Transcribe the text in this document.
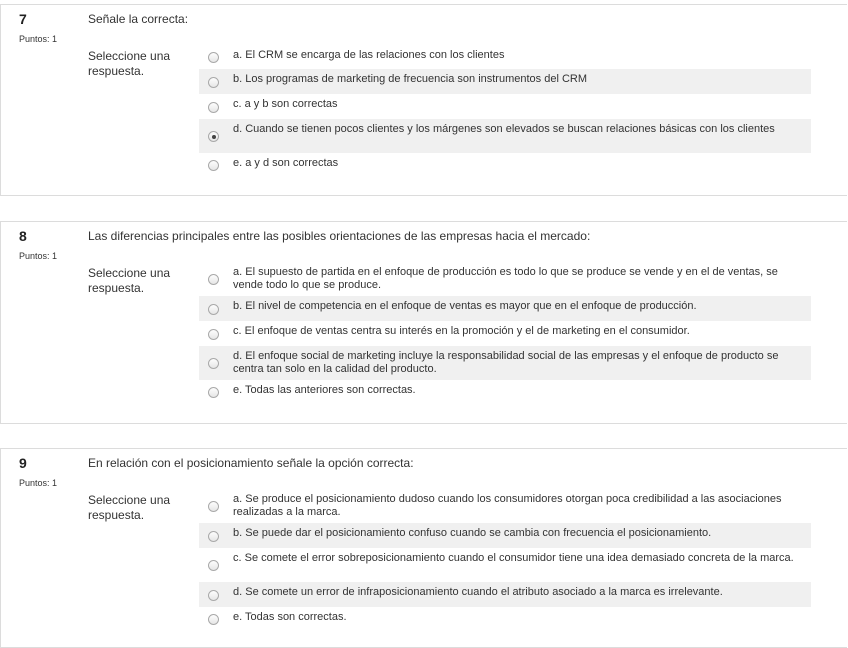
7
Puntos: 1
Señale la correcta:
Seleccione una respuesta.
a. El CRM se encarga de las relaciones con los clientes
b. Los programas de marketing de frecuencia son instrumentos del CRM
c. a y b son correctas
d. Cuando se tienen pocos clientes y los márgenes son elevados se buscan relaciones básicas con los clientes
e. a y d son correctas
8
Puntos: 1
Las diferencias principales entre las posibles orientaciones de las empresas hacia el mercado:
Seleccione una respuesta.
a. El supuesto de partida en el enfoque de producción es todo lo que se produce se vende y en el de ventas, se vende todo lo que se produce.
b. El nivel de competencia en el enfoque de ventas es mayor que en el enfoque de producción.
c. El enfoque de ventas centra su interés en la promoción y el de marketing en el consumidor.
d. El enfoque social de marketing incluye la responsabilidad social de las empresas y el enfoque de producto se centra tan solo en la calidad del producto.
e. Todas las anteriores son correctas.
9
Puntos: 1
En relación con el posicionamiento señale la opción correcta:
Seleccione una respuesta.
a. Se produce el posicionamiento dudoso cuando los consumidores otorgan poca credibilidad a las asociaciones realizadas a la marca.
b. Se puede dar el posicionamiento confuso cuando se cambia con frecuencia el posicionamiento.
c. Se comete el error sobreposicionamiento cuando el consumidor tiene una idea demasiado concreta de la marca.
d. Se comete un error de infraposicionamiento cuando el atributo asociado a la marca es irrelevante.
e. Todas son correctas.
